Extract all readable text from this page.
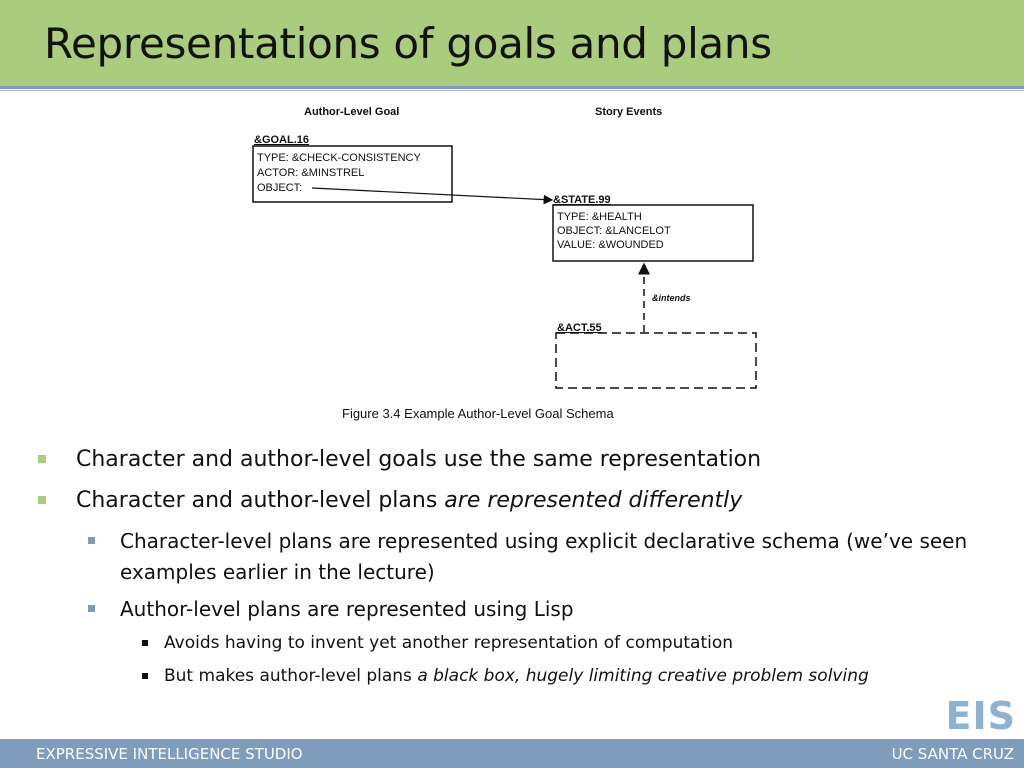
Representations of goals and plans
Author-Level Goal	Story Events
&GOAL.16
TYPE: &CHECK-CONSISTENCY
ACTOR: &MINSTREL
OBJECT:
&STATE.99
TYPE: &HEALTH
OBJECT: &LANCELOT
VALUE: &WOUNDED
&intends
&ACT.55
Figure 3.4 Example Author-Level Goal Schema
Character and author-level goals use the same representation
Character and author-level plans are represented differently
Character-level plans are represented using explicit declarative schema (we’ve seen examples earlier in the lecture)
Author-level plans are represented using Lisp
Avoids having to invent yet another representation of computation
But makes author-level plans a black box, hugely limiting creative problem solving
EIS
EXPRESSIVE INTELLIGENCE STUDIO	UC SANTA CRUZ
